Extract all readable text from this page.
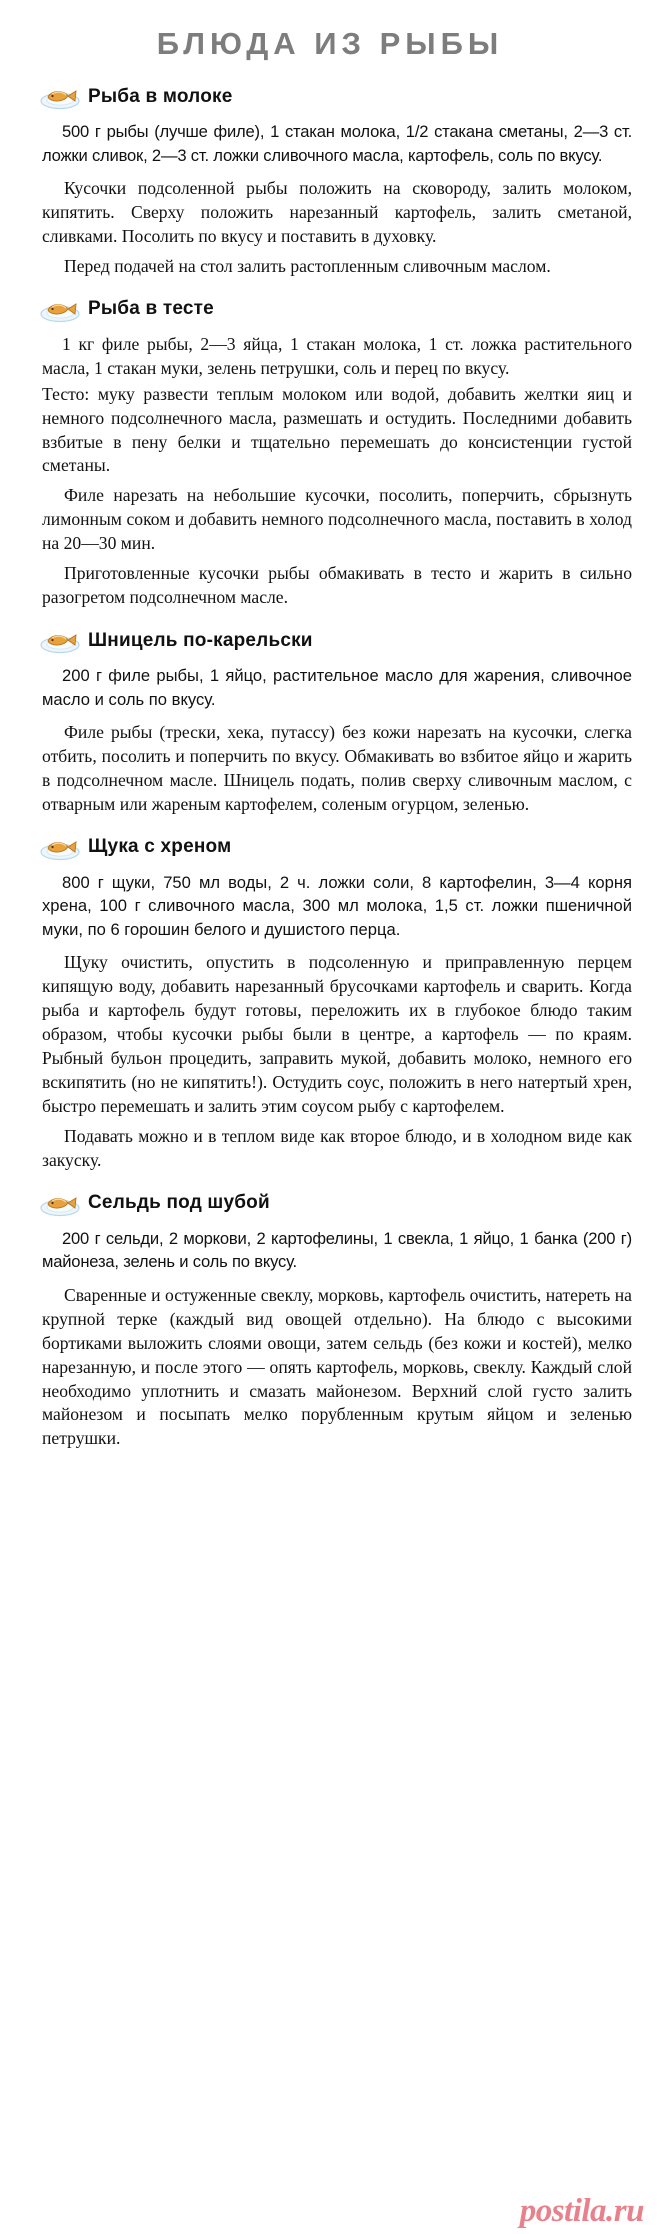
БЛЮДА ИЗ РЫБЫ
Рыба в молоке

500 г рыбы (лучше филе), 1 стакан молока, 1/2 стакана сметаны, 2—3 ст. ложки сливок, 2—3 ст. ложки сливочного масла, картофель, соль по вкусу.

Кусочки подсоленной рыбы положить на сковороду, залить молоком, кипятить. Сверху положить нарезанный картофель, залить сметаной, сливками. Посолить по вкусу и поставить в духовку.

Перед подачей на стол залить растопленным сливочным маслом.

Рыба в тесте

1 кг филе рыбы, 2—3 яйца, 1 стакан молока, 1 ст. ложка растительного масла, 1 стакан муки, зелень петрушки, соль и перец по вкусу.

Тесто: муку развести теплым молоком или водой, добавить желтки яиц и немного подсолнечного масла, размешать и остудить. Последними добавить взбитые в пену белки и тщательно перемешать до консистенции густой сметаны.

Филе нарезать на небольшие кусочки, посолить, поперчить, сбрызнуть лимонным соком и добавить немного подсолнечного масла, поставить в холод на 20—30 мин.

Приготовленные кусочки рыбы обмакивать в тесто и жарить в сильно разогретом подсолнечном масле.

Шницель по-карельски

200 г филе рыбы, 1 яйцо, растительное масло для жарения, сливочное масло и соль по вкусу.

Филе рыбы (трески, хека, путассу) без кожи нарезать на кусочки, слегка отбить, посолить и поперчить по вкусу. Обмакивать во взбитое яйцо и жарить в подсолнечном масле. Шницель подать, полив сверху сливочным маслом, с отварным или жареным картофелем, соленым огурцом, зеленью.

Щука с хреном

800 г щуки, 750 мл воды, 2 ч. ложки соли, 8 картофелин, 3—4 корня хрена, 100 г сливочного масла, 300 мл молока, 1,5 ст. ложки пшеничной муки, по 6 горошин белого и душистого перца.

Щуку очистить, опустить в подсоленную и приправленную перцем кипящую воду, добавить нарезанный брусочками картофель и сварить. Когда рыба и картофель будут готовы, переложить их в глубокое блюдо таким образом, чтобы кусочки рыбы были в центре, а картофель — по краям. Рыбный бульон процедить, заправить мукой, добавить молоко, немного его вскипятить (но не кипятить!). Остудить соус, положить в него натертый хрен, быстро перемешать и залить этим соусом рыбу с картофелем.

Подавать можно и в теплом виде как второе блюдо, и в холодном виде как закуску.

Сельдь под шубой

200 г сельди, 2 моркови, 2 картофелины, 1 свекла, 1 яйцо, 1 банка (200 г) майонеза, зелень и соль по вкусу.

Сваренные и остуженные свеклу, морковь, картофель очистить, натереть на крупной терке (каждый вид овощей отдельно). На блюдо с высокими бортиками выложить слоями овощи, затем сельдь (без кожи и костей), мелко нарезанную, и после этого — опять картофель, морковь, свеклу. Каждый слой необходимо уплотнить и смазать майонезом. Верхний слой густо залить майонезом и посыпать мелко порубленным крутым яйцом и зеленью петрушки.

postila.ru
